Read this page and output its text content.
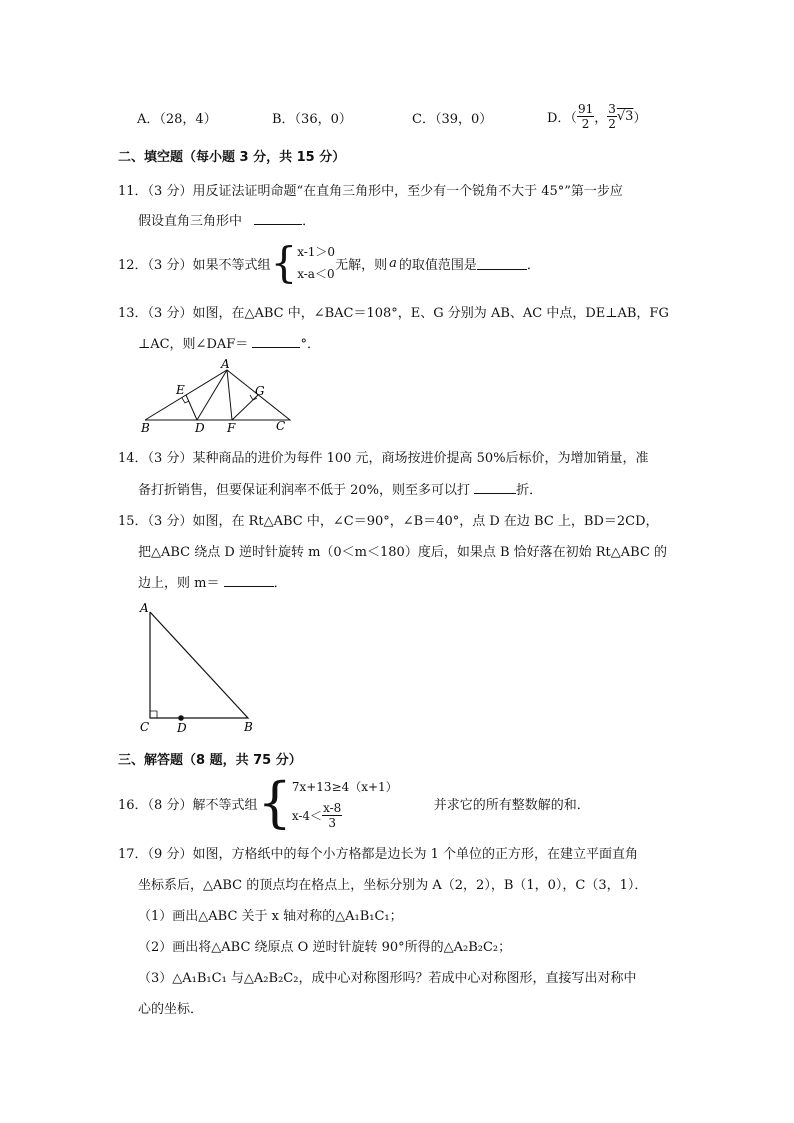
A．（28，4）	B．（36，0）	C．（39，0）	D．（ $\frac{91}{2}$ ， $\frac{3}{2} √3$ ）
二、填空题（每小题 3 分，共 15 分）
11．（3 分）用反证法证明命题“在直角三角形中，至少有一个锐角不大于 45°”第一步应
假设直角三角形中	．
12．（3 分）如果不等式组 { x-1＞0
x-a＜0
无解，则 a 的取值范围是	．
13．（3 分）如图，在△ABC 中，∠BAC＝108°，E、G 分别为 AB、AC 中点，DE⊥AB，FG
⊥AC，则∠DAF＝	°．
A
E	G
B	D F	C
14．（3 分）某种商品的进价为每件 100 元，商场按进价提高 50%后标价，为增加销量，准
备打折销售，但要保证利润率不低于 20%，则至多可以打	折．
15．（3 分）如图，在 Rt△ABC 中，∠C＝90°，∠B＝40°，点 D 在边 BC 上，BD＝2CD，
把△ABC 绕点 D 逆时针旋转 m（0＜m＜180）度后，如果点 B 恰好落在初始 Rt△ABC 的
边上，则 m＝	．
A
C D	B
三、解答题（8 题，共 75 分）
16．（8 分）解不等式组 { 7x+13≥4（x+1）
$x-4< \frac{x-8}{3}$	并求它的所有整数解的和．
17．（9 分）如图，方格纸中的每个小方格都是边长为 1 个单位的正方形，在建立平面直角
坐标系后，△ABC 的顶点均在格点上，坐标分别为 A（2，2），B（1，0），C（3，1）．
（1）画出△ABC 关于 x 轴对称的△A₁B₁C₁；
（2）画出将△ABC 绕原点 O 逆时针旋转 90°所得的△A₂B₂C₂；
（3）△A₁B₁C₁ 与△A₂B₂C₂，成中心对称图形吗？若成中心对称图形，直接写出对称中
心的坐标．
